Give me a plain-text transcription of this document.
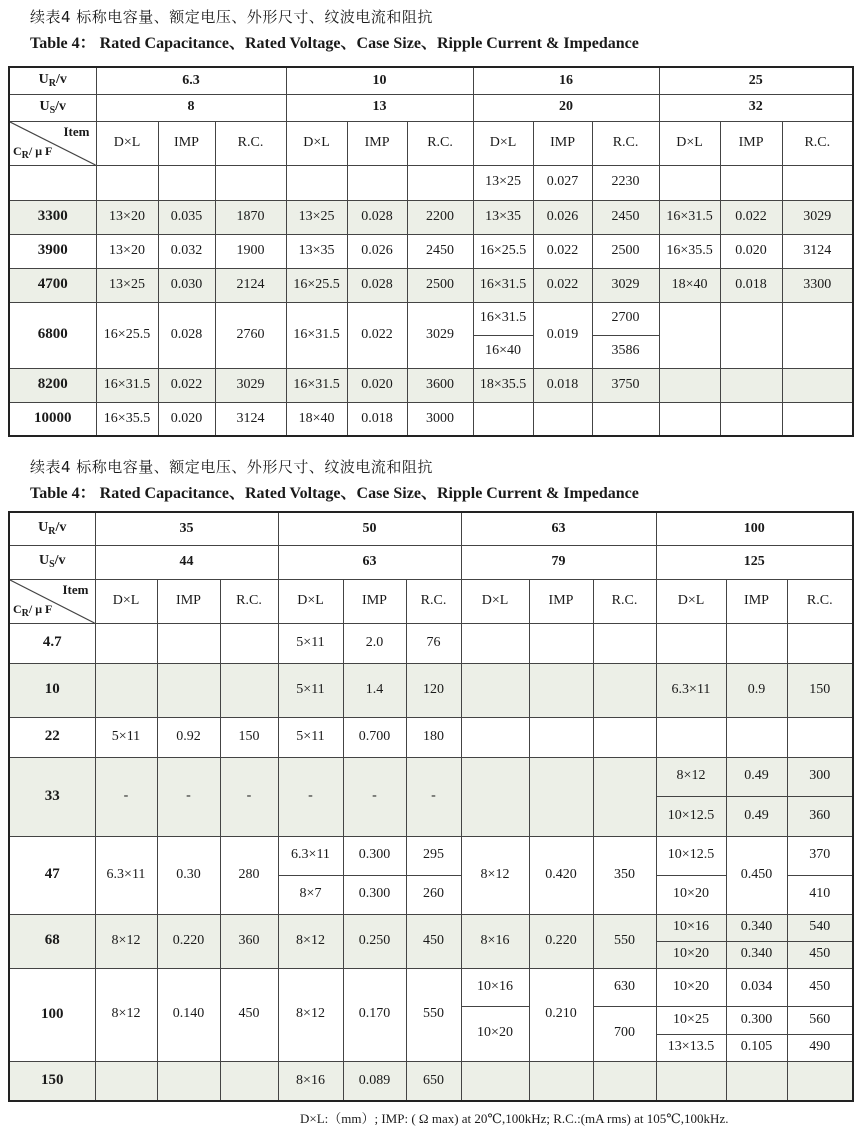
续表4 标称电容量、额定电压、外形尺寸、纹波电流和阻抗
Table 4： Rated Capacitance、Rated Voltage、Case Size、Ripple Current & Impedance
$U_R/v$	6.3			10			16			25		
$U_S/v$	8			13			20			32		

Item
$C_R/$ μ F	D×L	IMP	R.C.	D×L	IMP	R.C.	D×L	IMP	R.C.	D×L	IMP	R.C.
							13×25	0.027	2230			
3300	13×20	0.035	1870	13×25	0.028	2200	13×35	0.026	2450	16×31.5	0.022	3029
3900	13×20	0.032	1900	13×35	0.026	2450	16×25.5	0.022	2500	16×35.5	0.020	3124
4700	13×25	0.030	2124	16×25.5	0.028	2500	16×31.5	0.022	3029	18×40	0.018	3300
6800	16×25.5	0.028	2760	16×31.5	0.022	3029	16×31.5	0.019	2700			
							16×40		3586			
8200	16×31.5	0.022	3029	16×31.5	0.020	3600	18×35.5	0.018	3750			
10000	16×35.5	0.020	3124	18×40	0.018	3000						
续表4 标称电容量、额定电压、外形尺寸、纹波电流和阻抗
Table 4： Rated Capacitance、Rated Voltage、Case Size、Ripple Current & Impedance
$U_R/v$	35			50			63			100		
$U_S/v$	44			63			79			125		

Item
$C_R/$ μ F	D×L	IMP	R.C.	D×L	IMP	R.C.	D×L	IMP	R.C.	D×L	IMP	R.C.
4.7				5×11	2.0	76						
10				5×11	1.4	120				6.3×11	0.9	150
22	5×11	0.92	150	5×11	0.700	180						
33	-	-	-	-	-	-				8×12	0.49	300
										10×12.5	0.49	360
47	6.3×11	0.30	280	6.3×11	0.300	295	8×12	0.420	350	10×12.5	0.450	370
				8×7	0.300	260				10×20		410
68	8×12	0.220	360	8×12	0.250	450	8×16	0.220	550	10×16	0.340	540
										10×20	0.340	450
100	8×12	0.140	450	8×12	0.170	550	10×16	0.210	630	10×20	0.034	450
							10×20		700	10×25	0.300	560
										13×13.5	0.105	490
150				8×16	0.089	650						
D×L:（mm）; IMP: ( Ω max) at 20℃,100kHz; R.C.:(mA rms) at 105℃,100kHz.
